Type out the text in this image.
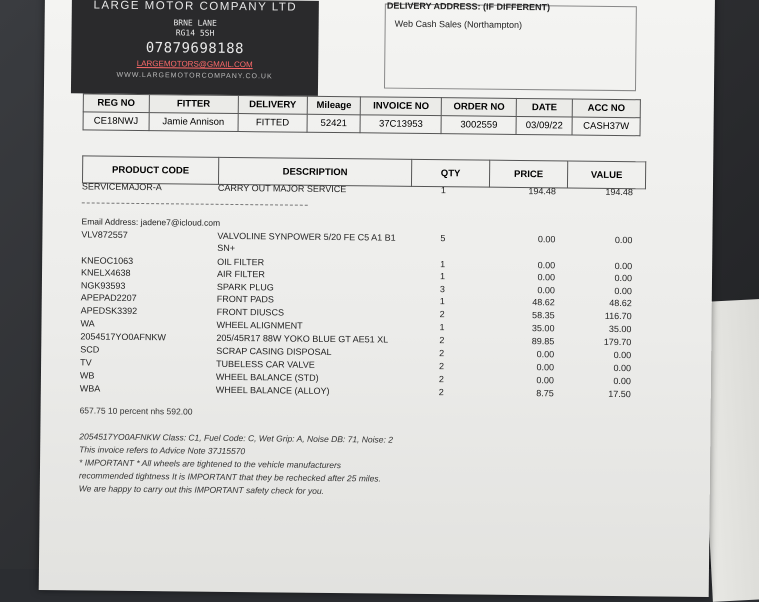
LARGE MOTOR COMPANY LTD
BRNE LANE
RG14 5SH
07879698188
LARGEMOTORS@GMAIL.COM
WWW.LARGEMOTORCOMPANY.CO.UK
DELIVERY ADDRESS: (IF DIFFERENT)
Web Cash Sales (Northampton)
REG NO	FITTER	DELIVERY	Mileage	INVOICE NO	ORDER NO	DATE	ACC NO
CE18NWJ	Jamie Annison	FITTED	52421	37C13953	3002559	03/09/22	CASH37W
PRODUCT CODE	DESCRIPTION	QTY	PRICE	VALUE
SERVICEMAJOR-A	CARRY OUT MAJOR SERVICE	1	194.48	194.48
Email Address: jadene7@icloud.com
VLV872557	VALVOLINE SYNPOWER 5/20 FE C5 A1 B1	5	0.00	0.00
SN+
KNEOC1063	OIL FILTER	1	0.00	0.00
KNELX4638	AIR FILTER	1	0.00	0.00
NGK93593	SPARK PLUG	3	0.00	0.00
APEPAD2207	FRONT PADS	1	48.62	48.62
APEDSK3392	FRONT DIUSCS	2	58.35	116.70
WA	WHEEL ALIGNMENT	1	35.00	35.00
2054517YO0AFNKW	205/45R17 88W YOKO BLUE GT AE51 XL	2	89.85	179.70
SCD	SCRAP CASING DISPOSAL	2	0.00	0.00
TV	TUBELESS CAR VALVE	2	0.00	0.00
WB	WHEEL BALANCE (STD)	2	0.00	0.00
WBA	WHEEL BALANCE (ALLOY)	2	8.75	17.50
657.75 10 percent nhs 592.00
2054517YO0AFNKW Class: C1, Fuel Code: C, Wet Grip: A, Noise DB: 71, Noise: 2
This invoice refers to Advice Note 37J15570
* IMPORTANT * All wheels are tightened to the vehicle manufacturers
recommended tightness It is IMPORTANT that they be rechecked after 25 miles.
We are happy to carry out this IMPORTANT safety check for you.
